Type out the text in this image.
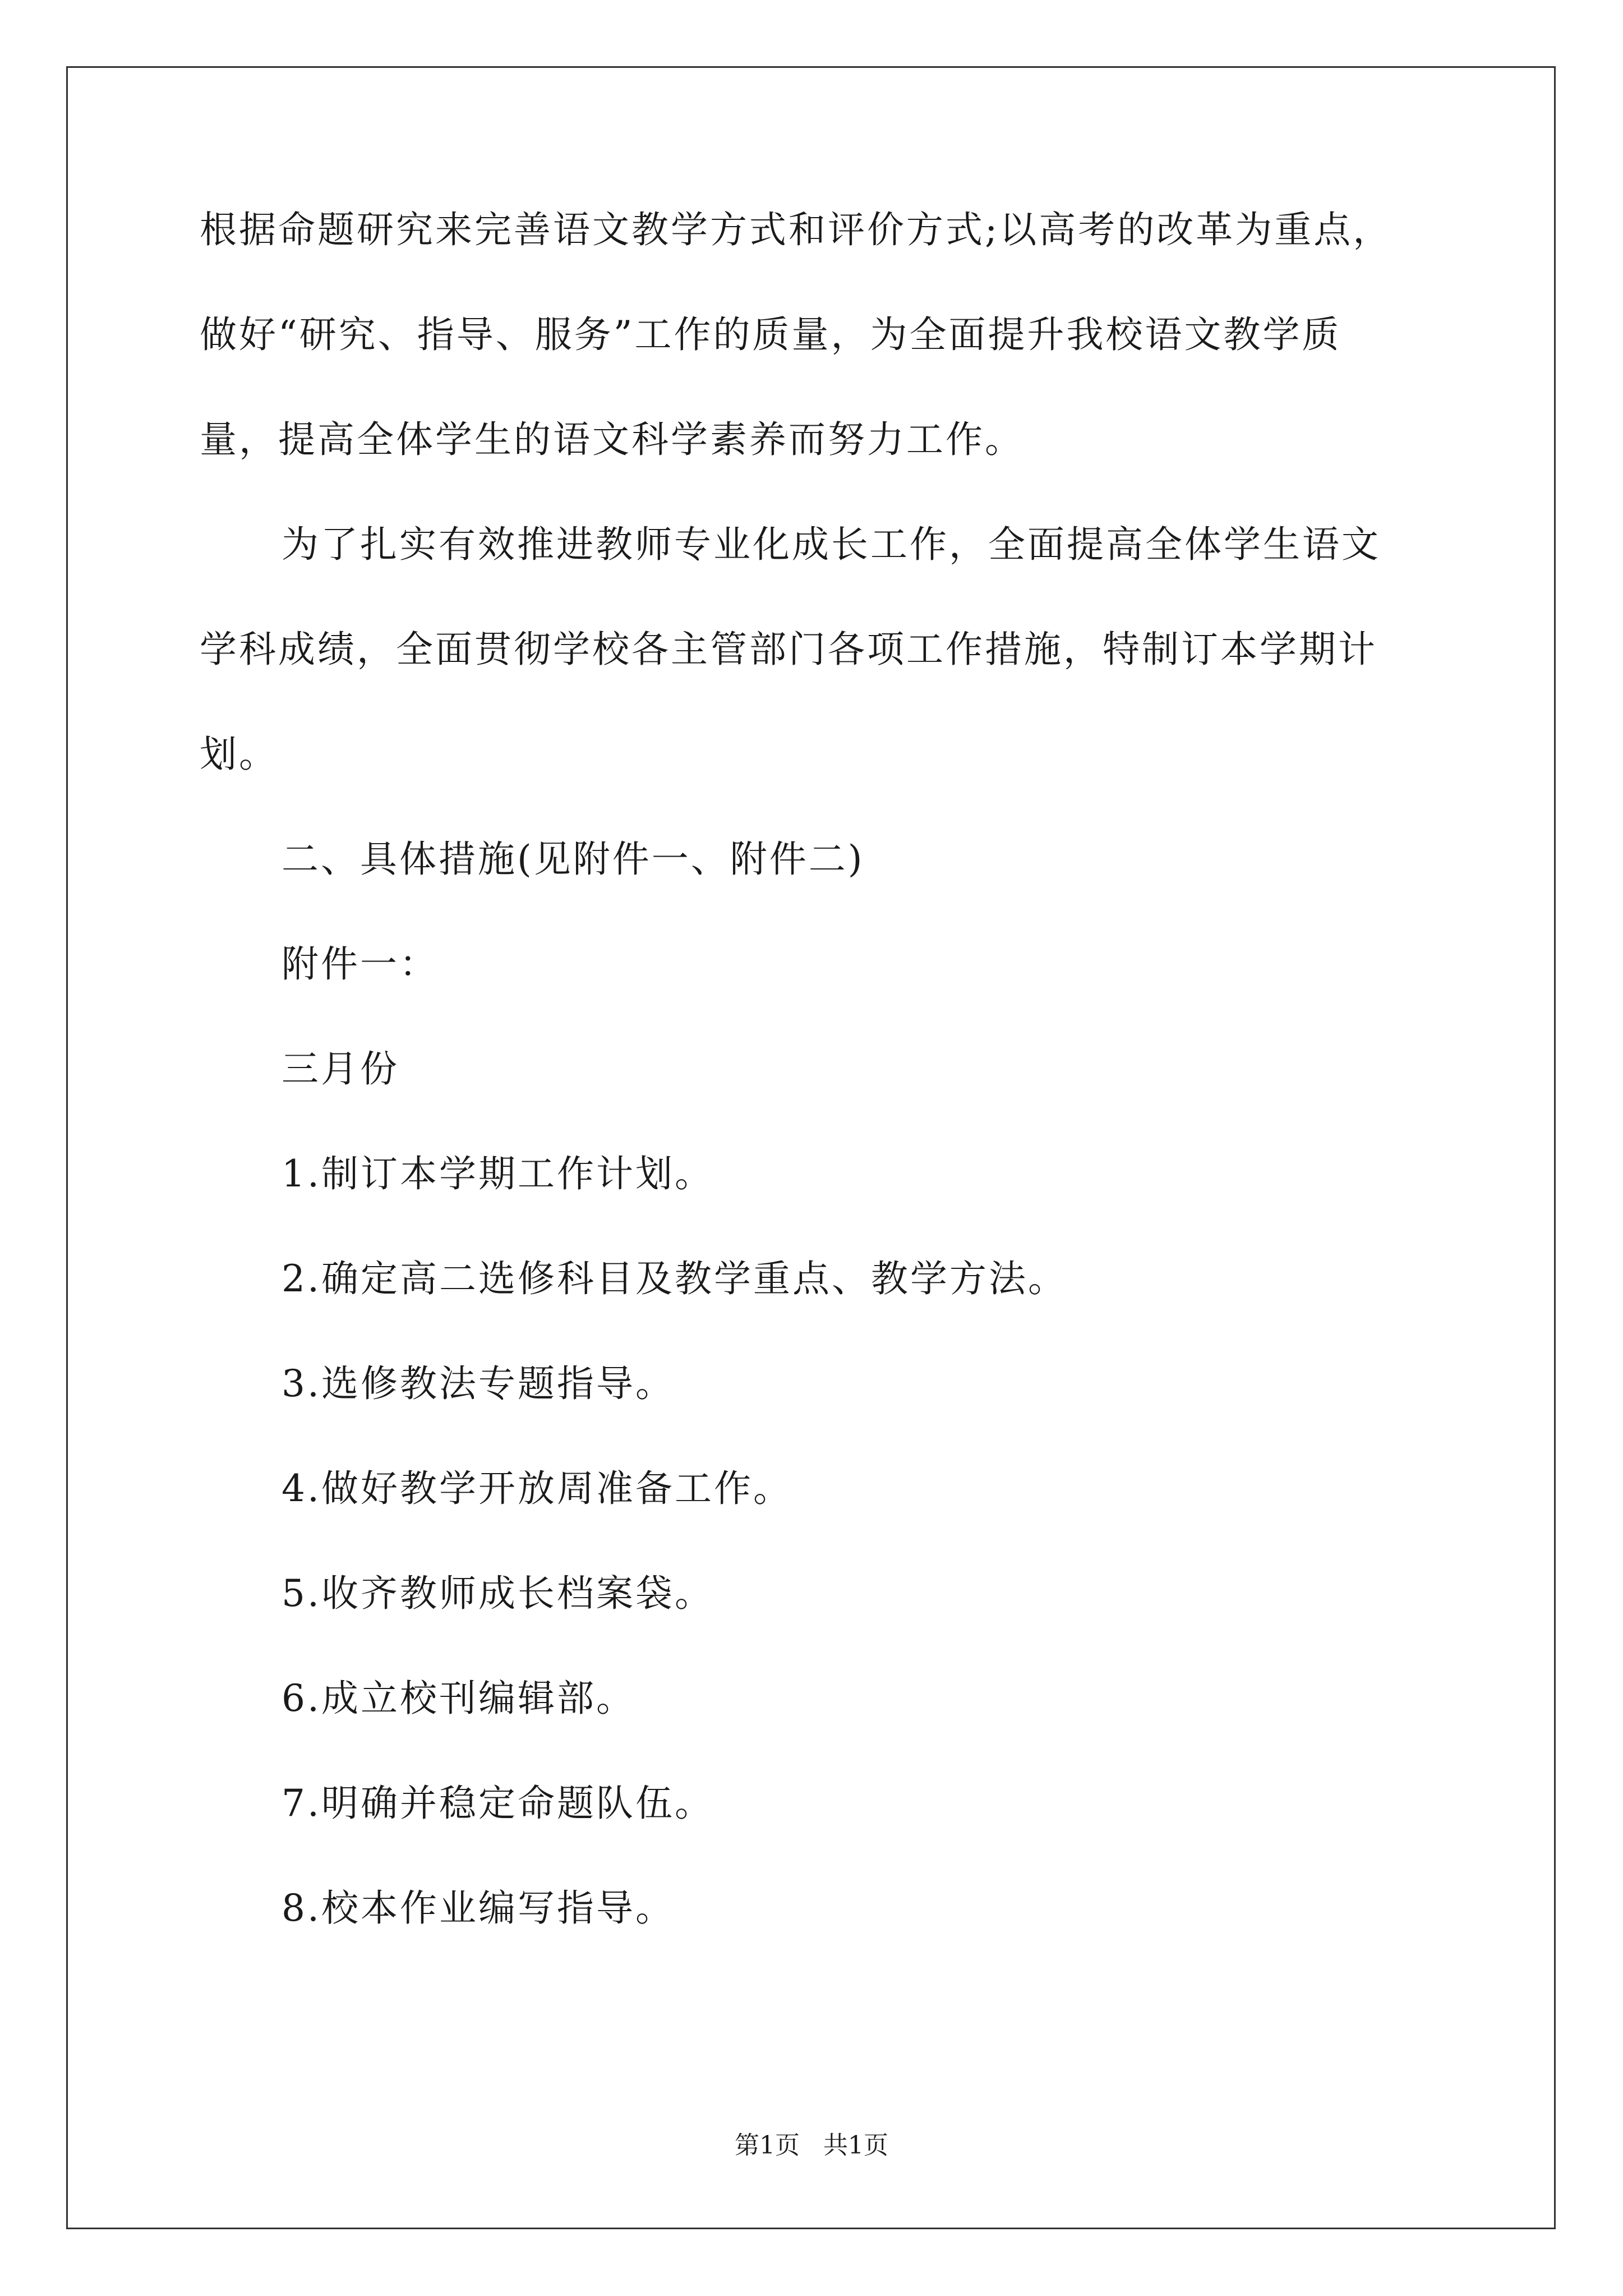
根据命题研究来完善语文教学方式和评价方式;以高考的改革为重点，
做好“研究、指导、服务”工作的质量，为全面提升我校语文教学质
量，提高全体学生的语文科学素养而努力工作。
为了扎实有效推进教师专业化成长工作，全面提高全体学生语文
学科成绩，全面贯彻学校各主管部门各项工作措施，特制订本学期计
划。
二、具体措施(见附件一、附件二)
附件一：
三月份
1.制订本学期工作计划。
2.确定高二选修科目及教学重点、教学方法。
3.选修教法专题指导。
4.做好教学开放周准备工作。
5.收齐教师成长档案袋。
6.成立校刊编辑部。
7.明确并稳定命题队伍。
8.校本作业编写指导。
第1页   共1页
